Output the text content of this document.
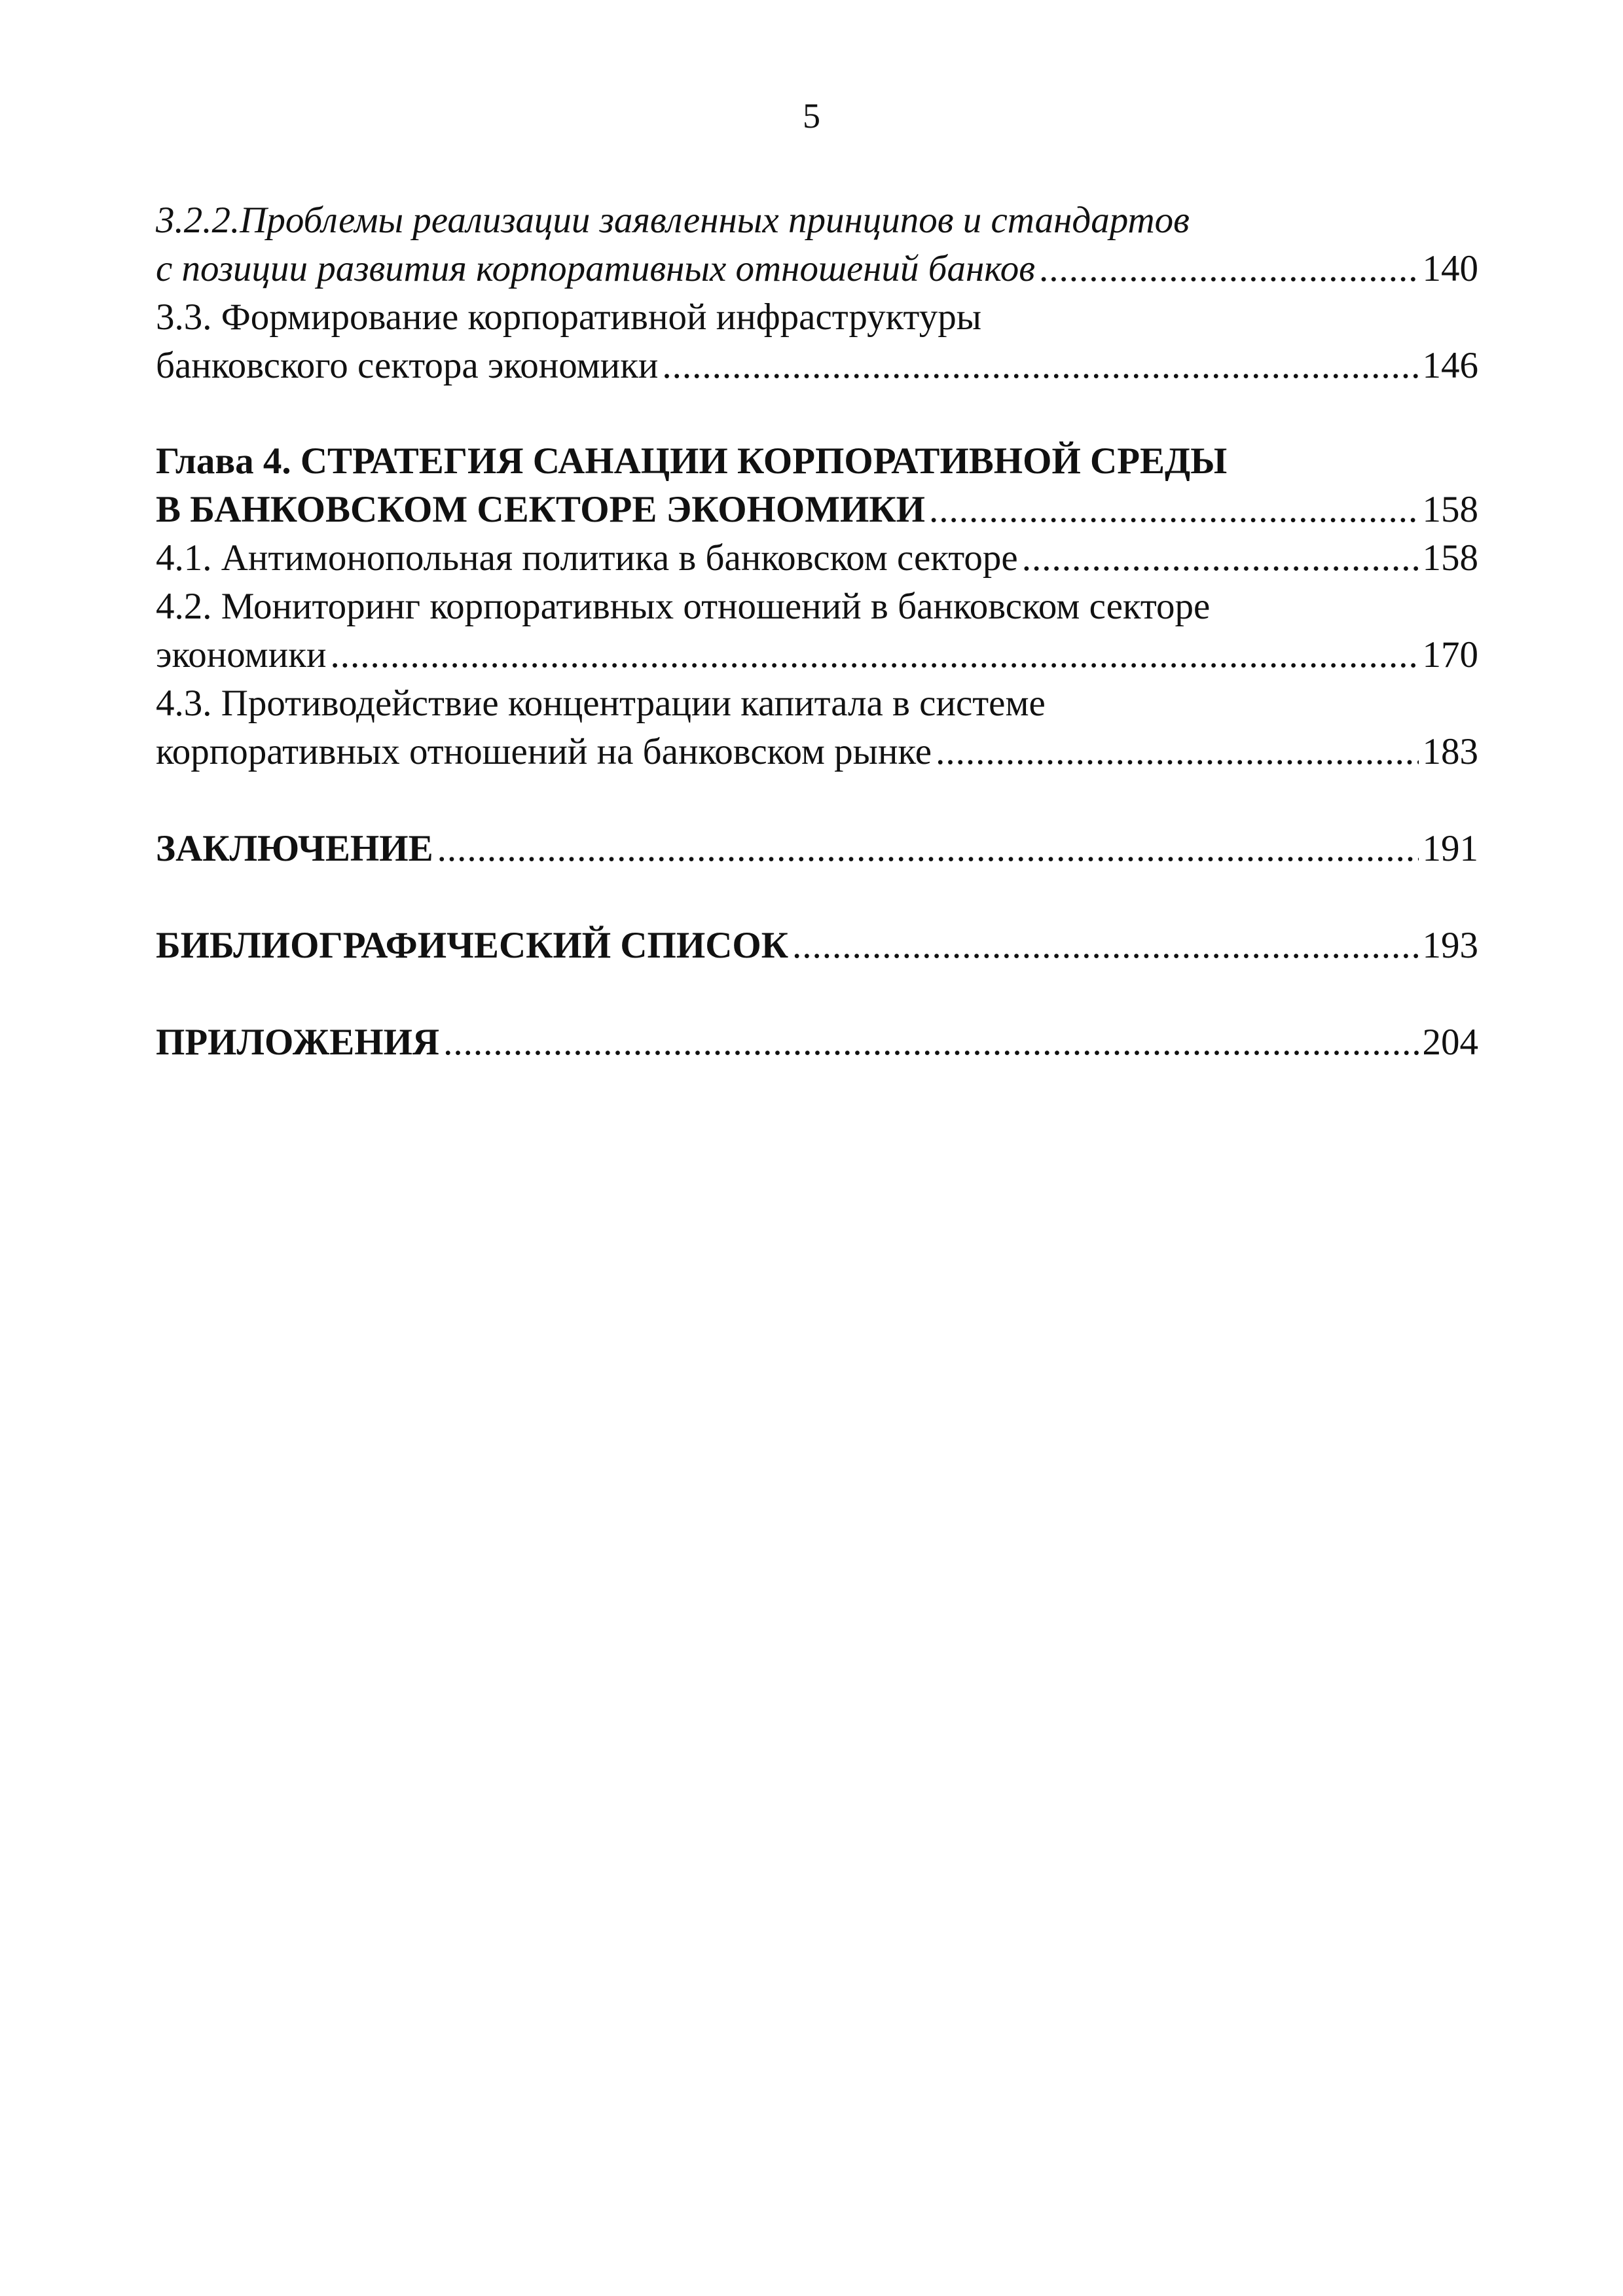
5
3.2.2.Проблемы реализации заявленных принципов и стандартов
с позиции развития корпоративных отношений банков .....	140
3.3. Формирование корпоративной инфраструктуры
банковского сектора экономики .....	146
Глава 4. СТРАТЕГИЯ САНАЦИИ КОРПОРАТИВНОЙ СРЕДЫ
В БАНКОВСКОМ СЕКТОРЕ ЭКОНОМИКИ .....	158
4.1. Антимонопольная политика в банковском секторе .....	158
4.2. Мониторинг корпоративных отношений в банковском секторе
экономики .....	170
4.3. Противодействие концентрации капитала в системе
корпоративных отношений на банковском рынке .....	183
ЗАКЛЮЧЕНИЕ .....	191
БИБЛИОГРАФИЧЕСКИЙ СПИСОК .....	193
ПРИЛОЖЕНИЯ .....	204
